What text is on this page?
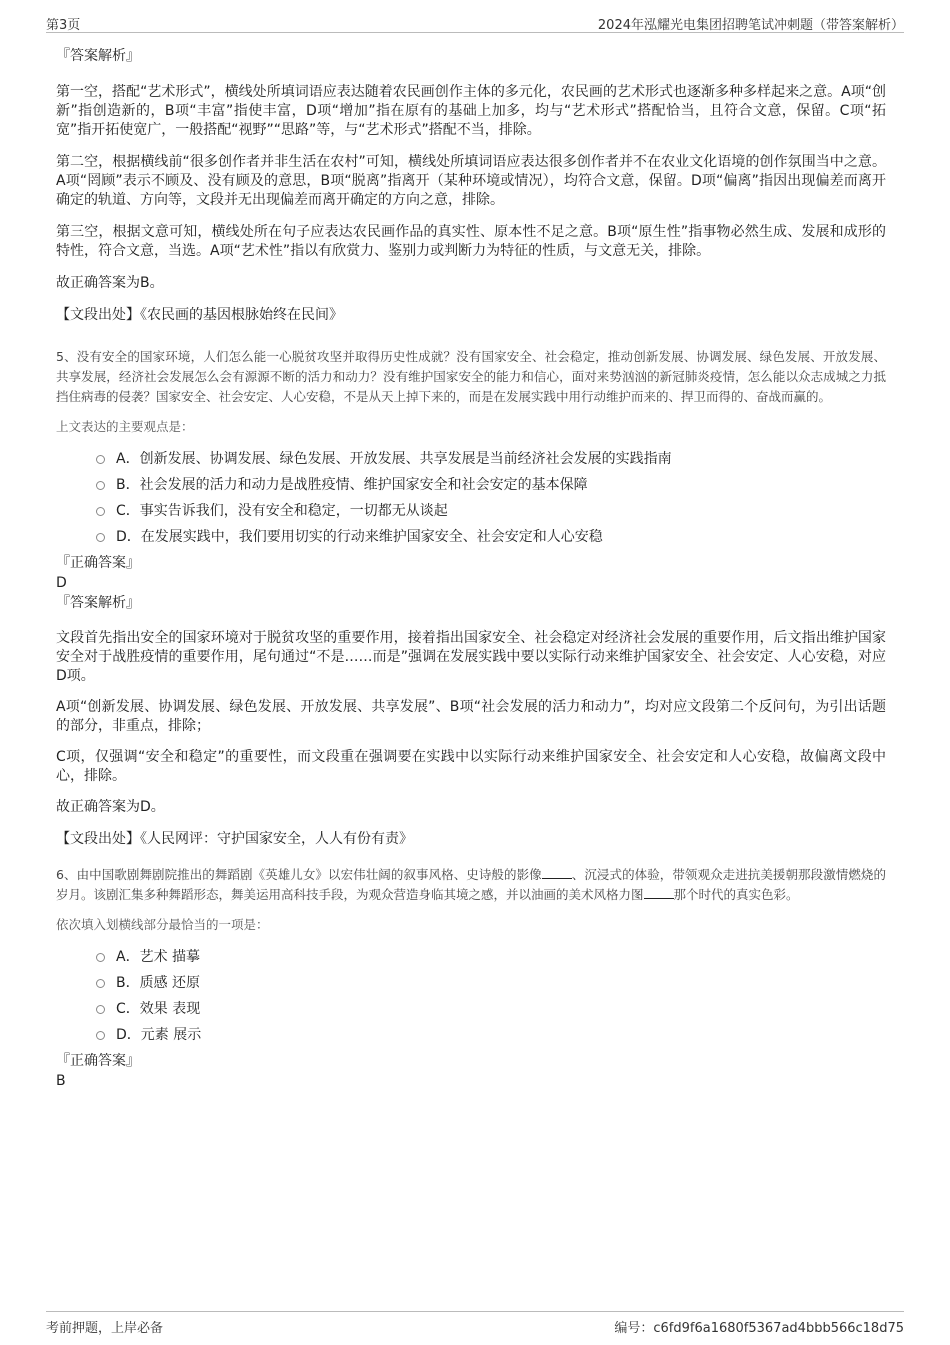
第3页	2024年泓耀光电集团招聘笔试冲刺题（带答案解析）

『答案解析』

第一空，搭配“艺术形式”，横线处所填词语应表达随着农民画创作主体的多元化，农民画的艺术形式也逐渐多种多样起来之意。A项“创新”指创造新的，B项“丰富”指使丰富，D项“增加”指在原有的基础上加多，均与“艺术形式”搭配恰当，且符合文意，保留。C项“拓宽”指开拓使宽广，一般搭配“视野”“思路”等，与“艺术形式”搭配不当，排除。

第二空，根据横线前“很多创作者并非生活在农村”可知，横线处所填词语应表达很多创作者并不在农业文化语境的创作氛围当中之意。A项“罔顾”表示不顾及、没有顾及的意思，B项“脱离”指离开（某种环境或情况），均符合文意，保留。D项“偏离”指因出现偏差而离开确定的轨道、方向等，文段并无出现偏差而离开确定的方向之意，排除。

第三空，根据文意可知，横线处所在句子应表达农民画作品的真实性、原本性不足之意。B项“原生性”指事物必然生成、发展和成形的特性，符合文意，当选。A项“艺术性”指以有欣赏力、鉴别力或判断力为特征的性质，与文意无关，排除。

故正确答案为B。

【文段出处】《农民画的基因根脉始终在民间》

5、没有安全的国家环境，人们怎么能一心脱贫攻坚并取得历史性成就？没有国家安全、社会稳定，推动创新发展、协调发展、绿色发展、开放发展、共享发展，经济社会发展怎么会有源源不断的活力和动力？没有维护国家安全的能力和信心，面对来势汹汹的新冠肺炎疫情，怎么能以众志成城之力抵挡住病毒的侵袭？国家安全、社会安定、人心安稳，不是从天上掉下来的，而是在发展实践中用行动维护而来的、捍卫而得的、奋战而赢的。

上文表达的主要观点是：

A．创新发展、协调发展、绿色发展、开放发展、共享发展是当前经济社会发展的实践指南
B．社会发展的活力和动力是战胜疫情、维护国家安全和社会安定的基本保障
C．事实告诉我们，没有安全和稳定，一切都无从谈起
D．在发展实践中，我们要用切实的行动来维护国家安全、社会安定和人心安稳

『正确答案』

D

『答案解析』

文段首先指出安全的国家环境对于脱贫攻坚的重要作用，接着指出国家安全、社会稳定对经济社会发展的重要作用，后文指出维护国家安全对于战胜疫情的重要作用，尾句通过“不是……而是”强调在发展实践中要以实际行动来维护国家安全、社会安定、人心安稳，对应D项。

A项“创新发展、协调发展、绿色发展、开放发展、共享发展”、B项“社会发展的活力和动力”，均对应文段第二个反问句，为引出话题的部分，非重点，排除；

C项，仅强调“安全和稳定”的重要性，而文段重在强调要在实践中以实际行动来维护国家安全、社会安定和人心安稳，故偏离文段中心，排除。

故正确答案为D。

【文段出处】《人民网评：守护国家安全，人人有份有责》

6、由中国歌剧舞剧院推出的舞蹈剧《英雄儿女》以宏伟壮阔的叙事风格、史诗般的影像 、沉浸式的体验，带领观众走进抗美援朝那段激情燃烧的岁月。该剧汇集多种舞蹈形态，舞美运用高科技手段，为观众营造身临其境之感，并以油画的美术风格力图 那个时代的真实色彩。

依次填入划横线部分最恰当的一项是：

A．艺术 描摹
B．质感 还原
C．效果 表现
D．元素 展示

『正确答案』

B

考前押题，上岸必备	编号：c6fd9f6a1680f5367ad4bbb566c18d75
